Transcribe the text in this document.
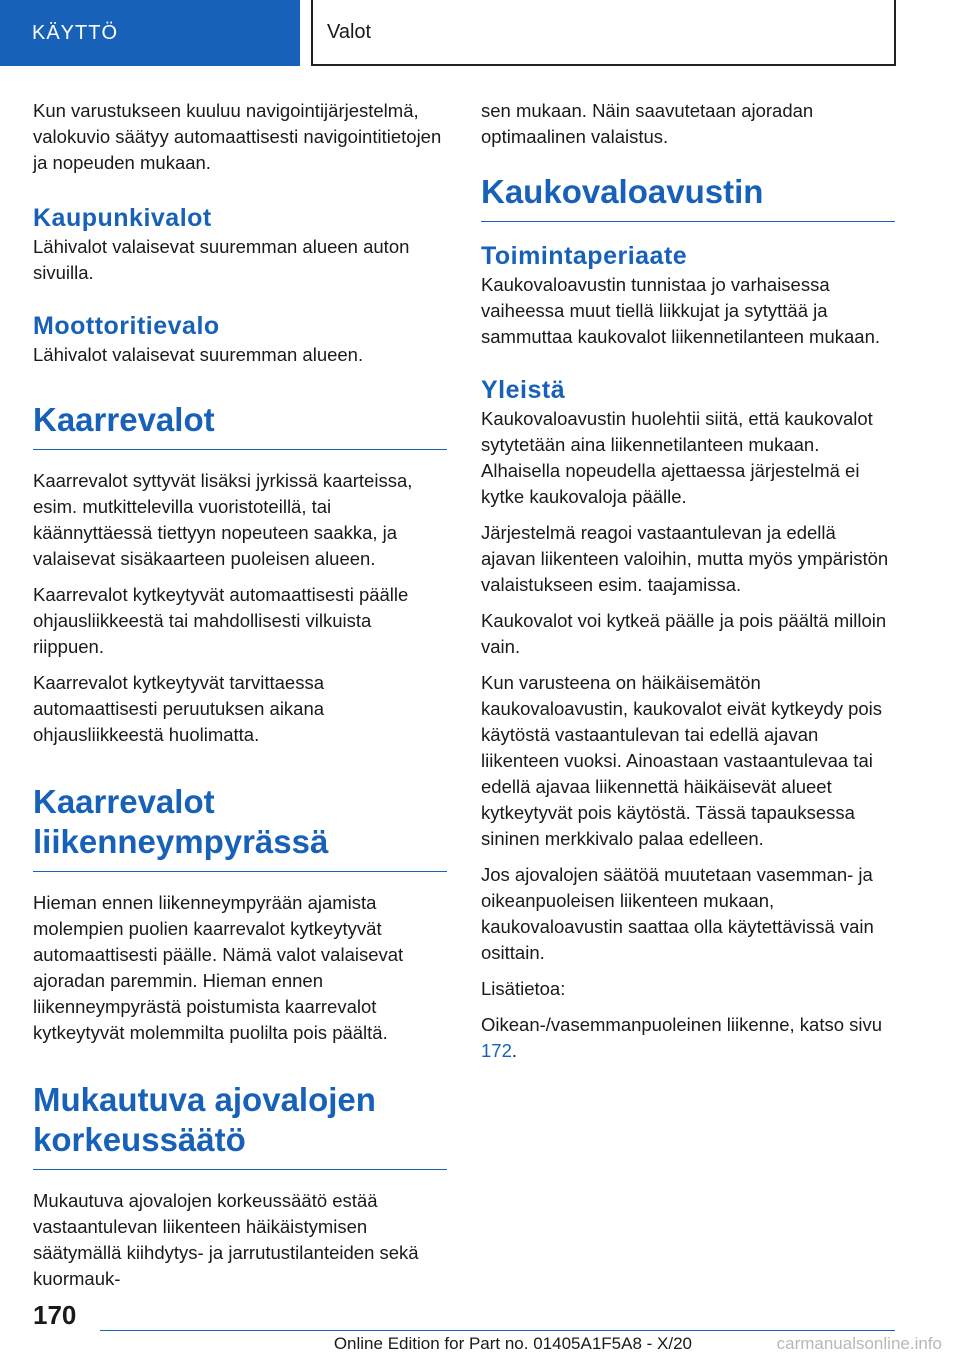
KÄYTTÖ	Valot

Kun varustukseen kuuluu navigointijärjestelmä, valokuvio säätyy automaattisesti navigointitietojen ja nopeuden mukaan.

Kaupunkivalot

Lähivalot valaisevat suuremman alueen auton sivuilla.

Moottoritievalo

Lähivalot valaisevat suuremman alueen.

Kaarrevalot

Kaarrevalot syttyvät lisäksi jyrkissä kaarteissa, esim. mutkittelevilla vuoristoteillä, tai käännyttäessä tiettyyn nopeuteen saakka, ja valaisevat sisäkaarteen puoleisen alueen.

Kaarrevalot kytkeytyvät automaattisesti päälle ohjausliikkeestä tai mahdollisesti vilkuista riippuen.

Kaarrevalot kytkeytyvät tarvittaessa automaattisesti peruutuksen aikana ohjausliikkeestä huolimatta.

Kaarrevalot
liikenneympyrässä

Hieman ennen liikenneympyrään ajamista molempien puolien kaarrevalot kytkeytyvät automaattisesti päälle. Nämä valot valaisevat ajoradan paremmin. Hieman ennen liikenneympyrästä poistumista kaarrevalot kytkeytyvät molemmilta puolilta pois päältä.

Mukautuva ajovalojen
korkeussäätö

Mukautuva ajovalojen korkeussäätö estää vastaantulevan liikenteen häikäistymisen säätymällä kiihdytys- ja jarrutustilanteiden sekä kuormauk-

sen mukaan. Näin saavutetaan ajoradan optimaalinen valaistus.

Kaukovaloavustin
Toimintaperiaate

Kaukovaloavustin tunnistaa jo varhaisessa vaiheessa muut tiellä liikkujat ja sytyttää ja sammuttaa kaukovalot liikennetilanteen mukaan.

Yleistä

Kaukovaloavustin huolehtii siitä, että kaukovalot sytytetään aina liikennetilanteen mukaan. Alhaisella nopeudella ajettaessa järjestelmä ei kytke kaukovaloja päälle.

Järjestelmä reagoi vastaantulevan ja edellä ajavan liikenteen valoihin, mutta myös ympäristön valaistukseen esim. taajamissa.

Kaukovalot voi kytkeä päälle ja pois päältä milloin vain.

Kun varusteena on häikäisemätön kaukovaloavustin, kaukovalot eivät kytkeydy pois käytöstä vastaantulevan tai edellä ajavan liikenteen vuoksi. Ainoastaan vastaantulevaa tai edellä ajavaa liikennettä häikäisevät alueet kytkeytyvät pois käytöstä. Tässä tapauksessa sininen merkkivalo palaa edelleen.

Jos ajovalojen säätöä muutetaan vasemman- ja oikeanpuoleisen liikenteen mukaan, kaukovaloavustin saattaa olla käytettävissä vain osittain.

Lisätietoa:

Oikean-/vasemmanpuoleinen liikenne, katso sivu 172.

170
Online Edition for Part no. 01405A1F5A8 - X/20	carmanualsonline.info
